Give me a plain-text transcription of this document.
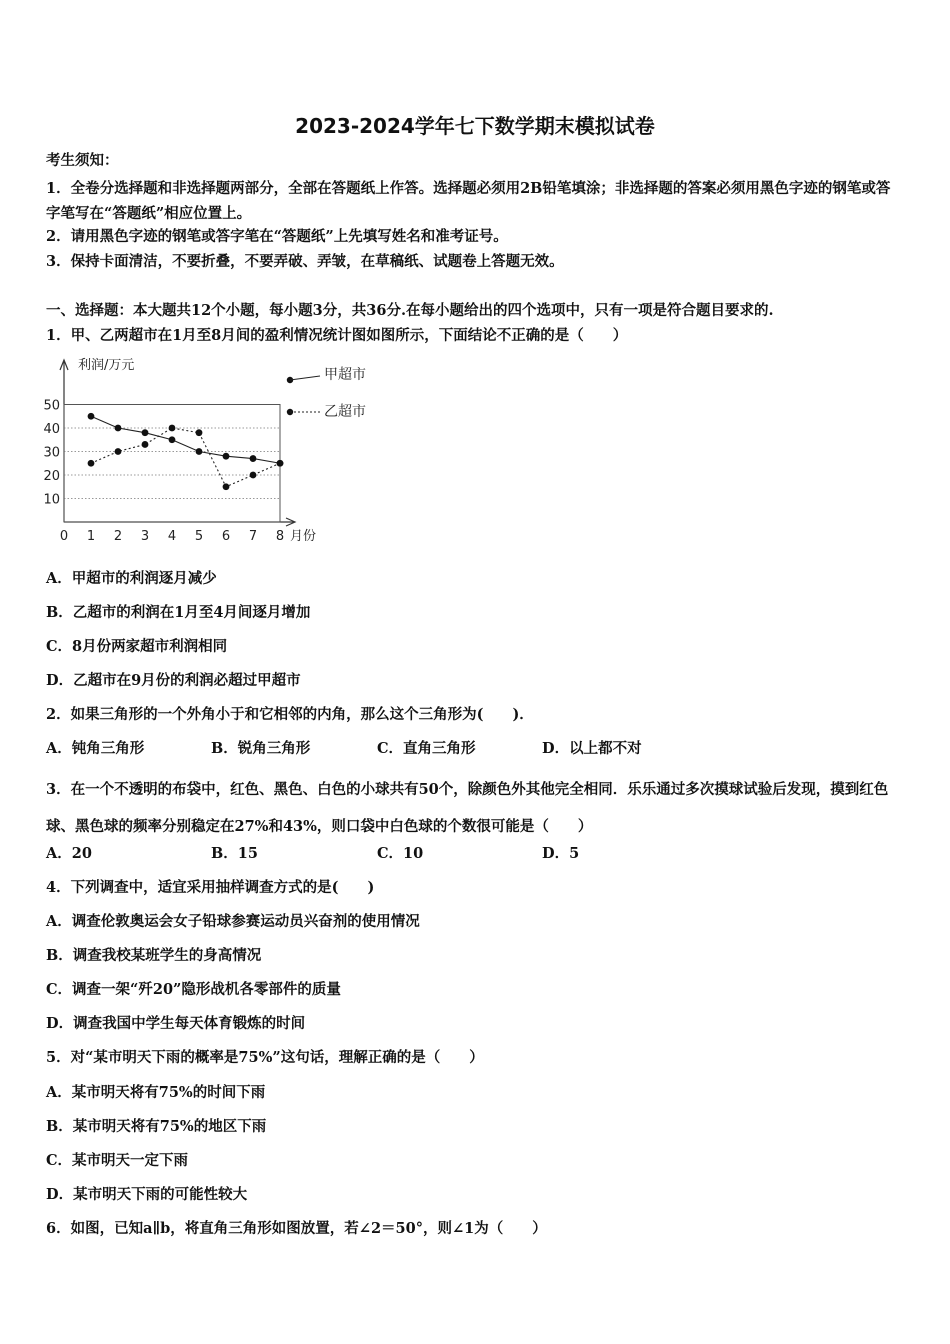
2023-2024学年七下数学期末模拟试卷
考生须知：
1．全卷分选择题和非选择题两部分，全部在答题纸上作答。选择题必须用2B铅笔填涂；非选择题的答案必须用黑色字迹的钢笔或答字笔写在“答题纸”相应位置上。
2．请用黑色字迹的钢笔或答字笔在“答题纸”上先填写姓名和准考证号。
3．保持卡面清洁，不要折叠，不要弄破、弄皱，在草稿纸、试题卷上答题无效。
一、选择题：本大题共12个小题，每小题3分，共36分.在每小题给出的四个选项中，只有一项是符合题目要求的.
1．甲、乙两超市在1月至8月间的盈利情况统计图如图所示，下面结论不正确的是（　　）
10
20
30
40
50
0 1 2 3 4 5 6 7 8
利润/万元
月份
甲超市
乙超市
A．甲超市的利润逐月减少
B．乙超市的利润在1月至4月间逐月增加
C．8月份两家超市利润相同
D．乙超市在9月份的利润必超过甲超市
2．如果三角形的一个外角小于和它相邻的内角，那么这个三角形为(　　)．
A．钝角三角形	B．锐角三角形	C．直角三角形	D．以上都不对
3．在一个不透明的布袋中，红色、黑色、白色的小球共有50个，除颜色外其他完全相同．乐乐通过多次摸球试验后发现，摸到红色球、黑色球的频率分别稳定在27%和43%，则口袋中白色球的个数很可能是（　　）
A．20	B．15	C．10	D．5
4．下列调查中，适宜采用抽样调查方式的是(　　)
A．调查伦敦奥运会女子铅球参赛运动员兴奋剂的使用情况
B．调查我校某班学生的身高情况
C．调查一架“歼20”隐形战机各零部件的质量
D．调查我国中学生每天体育锻炼的时间
5．对“某市明天下雨的概率是75%”这句话，理解正确的是（　　）
A．某市明天将有75%的时间下雨
B．某市明天将有75%的地区下雨
C．某市明天一定下雨
D．某市明天下雨的可能性较大
6．如图，已知a∥b，将直角三角形如图放置，若∠2＝50°，则∠1为（　　）
